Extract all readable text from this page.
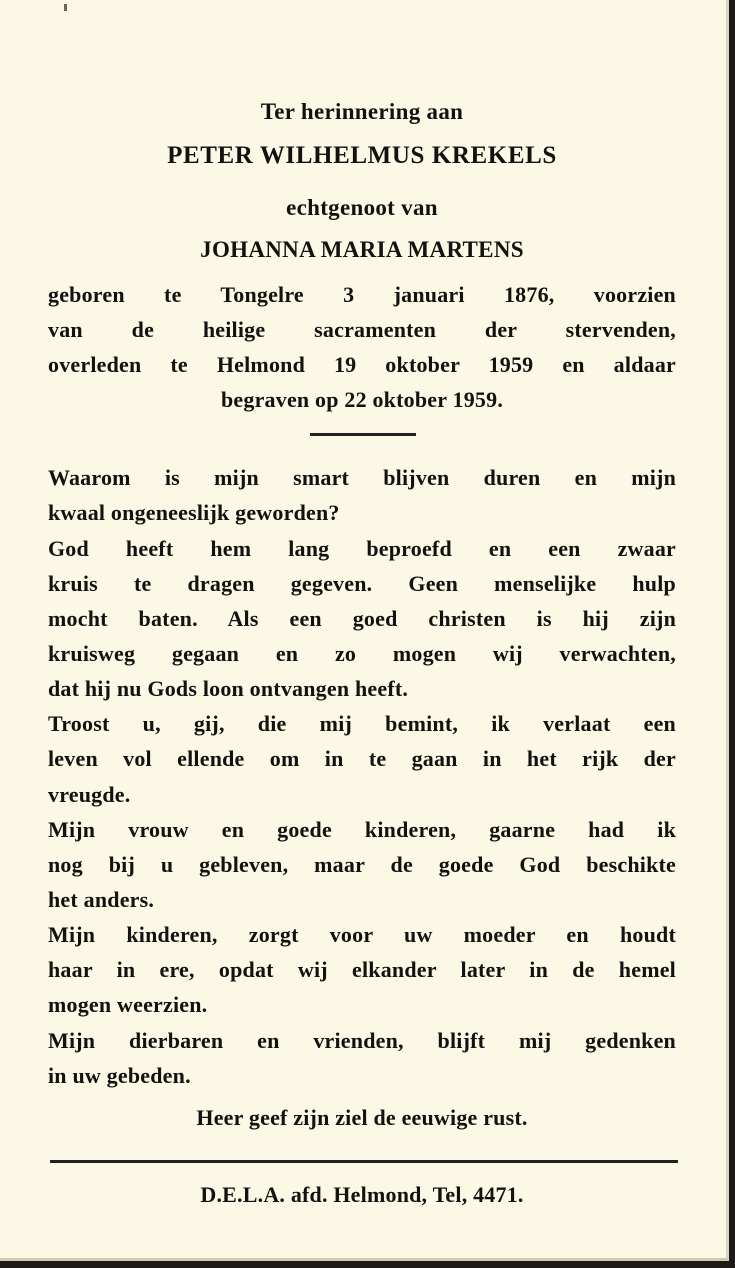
Ter herinnering aan
PETER WILHELMUS KREKELS
echtgenoot van
JOHANNA MARIA MARTENS
geboren te Tongelre 3 januari 1876, voorzien
van de heilige sacramenten der stervenden,
overleden te Helmond 19 oktober 1959 en aldaar
begraven op 22 oktober 1959.
Waarom is mijn smart blijven duren en mijn
kwaal ongeneeslijk geworden?
God heeft hem lang beproefd en een zwaar
kruis te dragen gegeven. Geen menselijke hulp
mocht baten. Als een goed christen is hij zijn
kruisweg gegaan en zo mogen wij verwachten,
dat hij nu Gods loon ontvangen heeft.
Troost u, gij, die mij bemint, ik verlaat een
leven vol ellende om in te gaan in het rijk der
vreugde.
Mijn vrouw en goede kinderen, gaarne had ik
nog bij u gebleven, maar de goede God beschikte
het anders.
Mijn kinderen, zorgt voor uw moeder en houdt
haar in ere, opdat wij elkander later in de hemel
mogen weerzien.
Mijn dierbaren en vrienden, blijft mij gedenken
in uw gebeden.
Heer geef zijn ziel de eeuwige rust.
D.E.L.A. afd. Helmond, Tel, 4471.
